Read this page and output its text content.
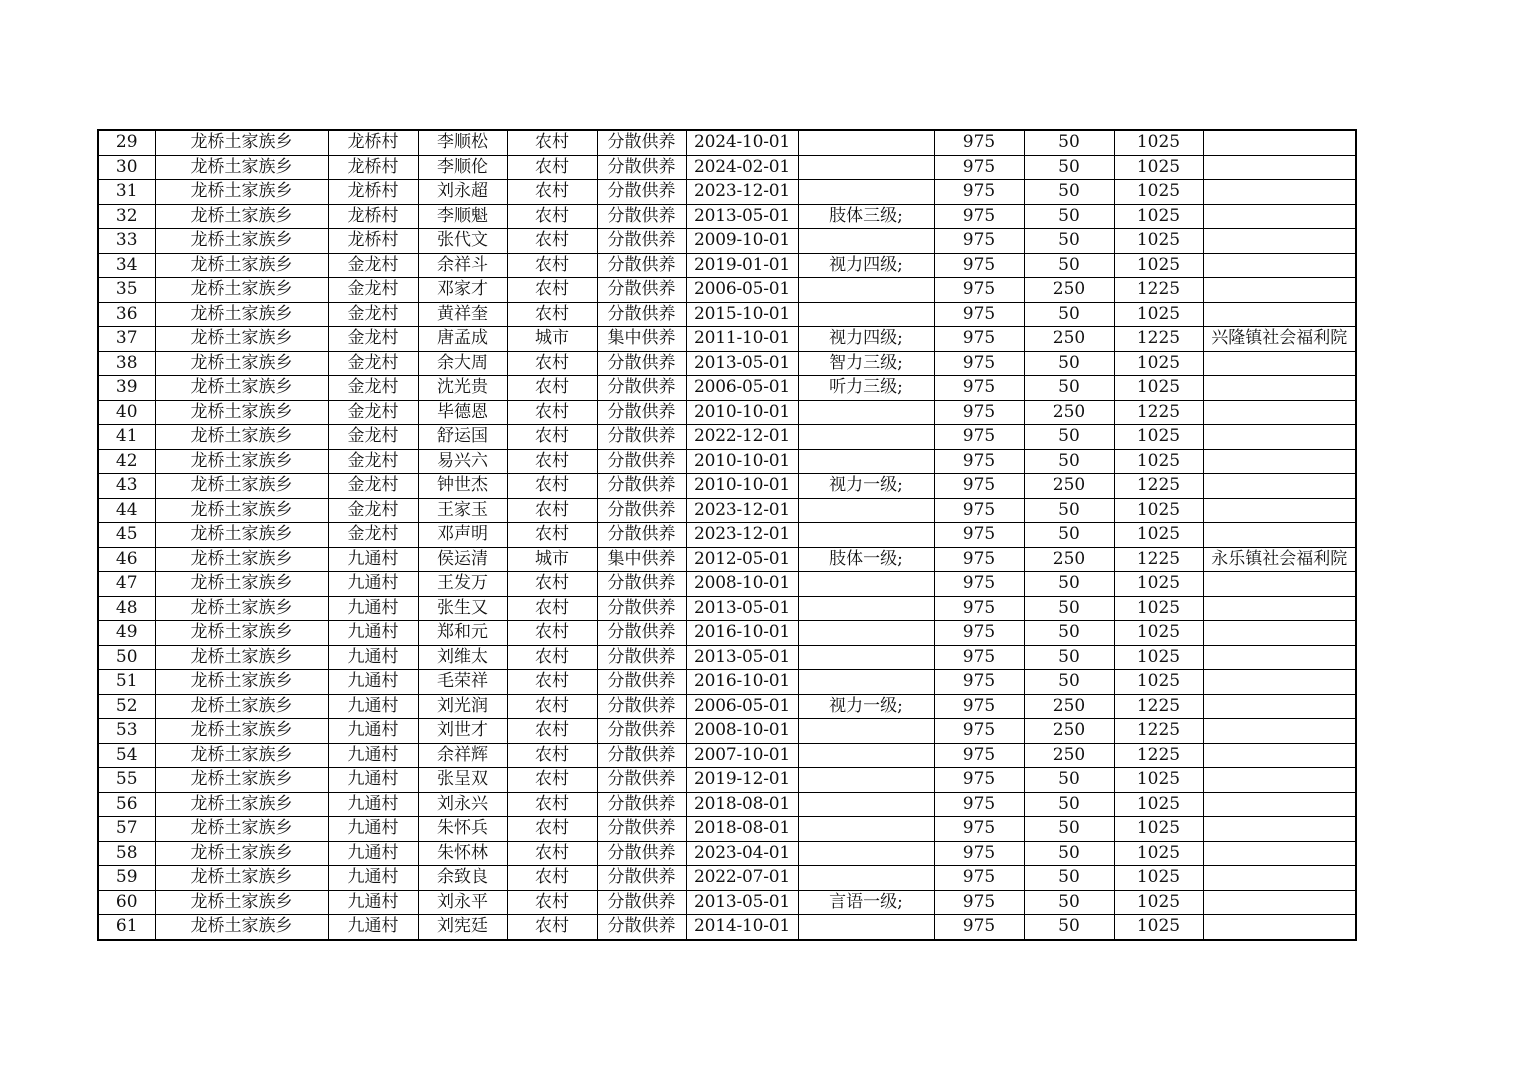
29	龙桥土家族乡	龙桥村	李顺松	农村	分散供养	2024-10-01		975	50	1025	
30	龙桥土家族乡	龙桥村	李顺伦	农村	分散供养	2024-02-01		975	50	1025	
31	龙桥土家族乡	龙桥村	刘永超	农村	分散供养	2023-12-01		975	50	1025	
32	龙桥土家族乡	龙桥村	李顺魁	农村	分散供养	2013-05-01	肢体三级;	975	50	1025	
33	龙桥土家族乡	龙桥村	张代文	农村	分散供养	2009-10-01		975	50	1025	
34	龙桥土家族乡	金龙村	余祥斗	农村	分散供养	2019-01-01	视力四级;	975	50	1025	
35	龙桥土家族乡	金龙村	邓家才	农村	分散供养	2006-05-01		975	250	1225	
36	龙桥土家族乡	金龙村	黄祥奎	农村	分散供养	2015-10-01		975	50	1025	
37	龙桥土家族乡	金龙村	唐孟成	城市	集中供养	2011-10-01	视力四级;	975	250	1225	兴隆镇社会福利院
38	龙桥土家族乡	金龙村	余大周	农村	分散供养	2013-05-01	智力三级;	975	50	1025	
39	龙桥土家族乡	金龙村	沈光贵	农村	分散供养	2006-05-01	听力三级;	975	50	1025	
40	龙桥土家族乡	金龙村	毕德恩	农村	分散供养	2010-10-01		975	250	1225	
41	龙桥土家族乡	金龙村	舒运国	农村	分散供养	2022-12-01		975	50	1025	
42	龙桥土家族乡	金龙村	易兴六	农村	分散供养	2010-10-01		975	50	1025	
43	龙桥土家族乡	金龙村	钟世杰	农村	分散供养	2010-10-01	视力一级;	975	250	1225	
44	龙桥土家族乡	金龙村	王家玉	农村	分散供养	2023-12-01		975	50	1025	
45	龙桥土家族乡	金龙村	邓声明	农村	分散供养	2023-12-01		975	50	1025	
46	龙桥土家族乡	九通村	侯运清	城市	集中供养	2012-05-01	肢体一级;	975	250	1225	永乐镇社会福利院
47	龙桥土家族乡	九通村	王发万	农村	分散供养	2008-10-01		975	50	1025	
48	龙桥土家族乡	九通村	张生又	农村	分散供养	2013-05-01		975	50	1025	
49	龙桥土家族乡	九通村	郑和元	农村	分散供养	2016-10-01		975	50	1025	
50	龙桥土家族乡	九通村	刘维太	农村	分散供养	2013-05-01		975	50	1025	
51	龙桥土家族乡	九通村	毛荣祥	农村	分散供养	2016-10-01		975	50	1025	
52	龙桥土家族乡	九通村	刘光润	农村	分散供养	2006-05-01	视力一级;	975	250	1225	
53	龙桥土家族乡	九通村	刘世才	农村	分散供养	2008-10-01		975	250	1225	
54	龙桥土家族乡	九通村	余祥辉	农村	分散供养	2007-10-01		975	250	1225	
55	龙桥土家族乡	九通村	张呈双	农村	分散供养	2019-12-01		975	50	1025	
56	龙桥土家族乡	九通村	刘永兴	农村	分散供养	2018-08-01		975	50	1025	
57	龙桥土家族乡	九通村	朱怀兵	农村	分散供养	2018-08-01		975	50	1025	
58	龙桥土家族乡	九通村	朱怀林	农村	分散供养	2023-04-01		975	50	1025	
59	龙桥土家族乡	九通村	余致良	农村	分散供养	2022-07-01		975	50	1025	
60	龙桥土家族乡	九通村	刘永平	农村	分散供养	2013-05-01	言语一级;	975	50	1025	
61	龙桥土家族乡	九通村	刘宪廷	农村	分散供养	2014-10-01		975	50	1025	
